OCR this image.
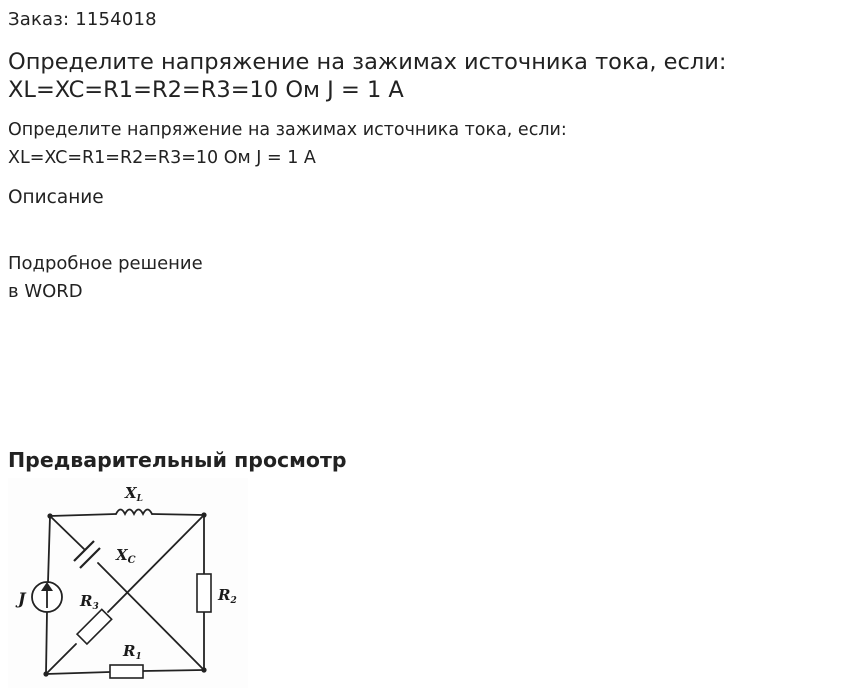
Заказ: 1154018
Определите напряжение на зажимах источника тока, если:
XL=XC=R1=R2=R3=10 Ом J = 1 А
Определите напряжение на зажимах источника тока, если:
XL=XC=R1=R2=R3=10 Ом J = 1 А
Описание
Подробное решение
в WORD
Предварительный просмотр
$X_L$
$X_C$
J	$R_3$
$R_2$
$R_1$
